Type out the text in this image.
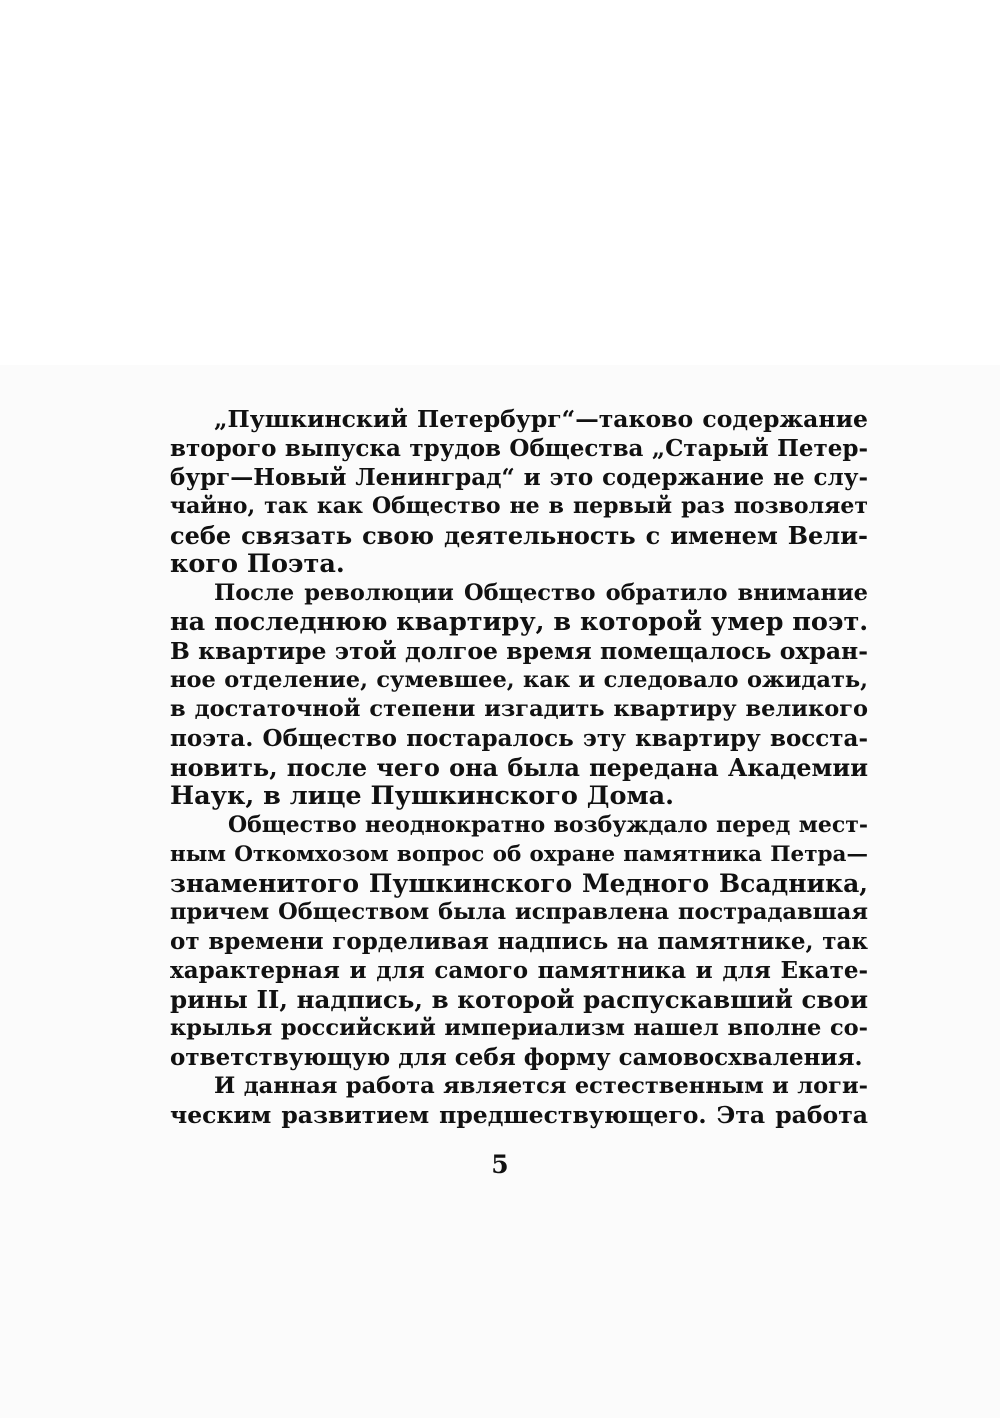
„Пушкинский Петербург“—таково содержание
второго выпуска трудов Общества „Старый Петер-
бург—Новый Ленинград“ и это содержание не слу-
чайно, так как Общество не в первый раз позволяет
себе связать свою деятельность с именем Вели-
кого Поэта.
После революции Общество обратило внимание
на последнюю квартиру, в которой умер поэт.
В квартире этой долгое время помещалось охран-
ное отделение, сумевшее, как и следовало ожидать,
в достаточной степени изгадить квартиру великого
поэта. Общество постаралось эту квартиру восста-
новить, после чего она была передана Академии
Наук, в лице Пушкинского Дома.
Общество неоднократно возбуждало перед мест-
ным Откомхозом вопрос об охране памятника Петра—
знаменитого Пушкинского Медного Всадника,
причем Обществом была исправлена пострадавшая
от времени горделивая надпись на памятнике, так
характерная и для самого памятника и для Екате-
рины II, надпись, в которой распускавший свои
крылья российский империализм нашел вполне со-
ответствующую для себя форму самовосхваления.
И данная работа является естественным и логи-
ческим развитием предшествующего. Эта работа
5
